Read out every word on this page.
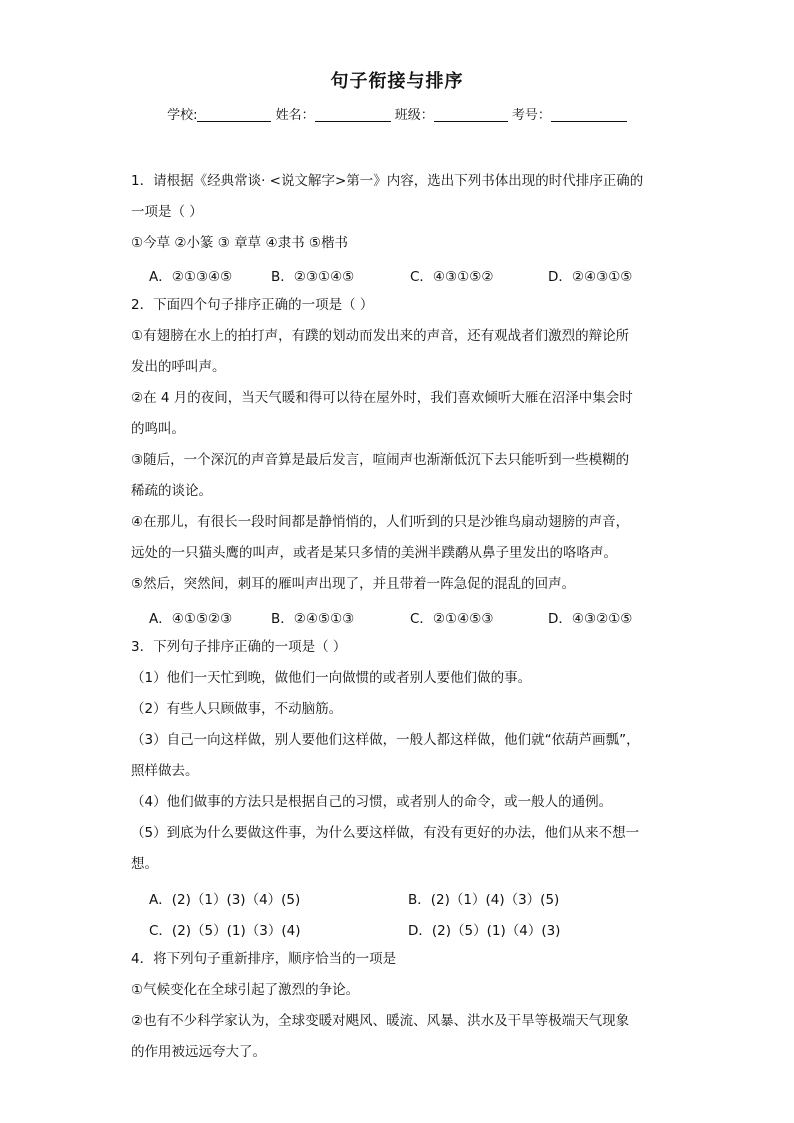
句子衔接与排序
学校:	姓名：	班级：	考号：
1．请根据《经典常谈· <说文解字>第一》内容，选出下列书体出现的时代排序正确的
一项是（ ）
①今草 ②小篆 ③ 章草 ④隶书 ⑤楷书
A．②①③④⑤	B．②③①④⑤	C．④③①⑤②	D．②④③①⑤
2．下面四个句子排序正确的一项是（ ）
①有翅膀在水上的拍打声，有蹼的划动而发出来的声音，还有观战者们激烈的辩论所
发出的呼叫声。
②在 4 月的夜间，当天气暖和得可以待在屋外时，我们喜欢倾听大雁在沼泽中集会时
的鸣叫。
③随后，一个深沉的声音算是最后发言，喧闹声也渐渐低沉下去只能听到一些模糊的
稀疏的谈论。
④在那儿，有很长一段时间都是静悄悄的，人们听到的只是沙锥鸟扇动翅膀的声音，
远处的一只猫头鹰的叫声，或者是某只多情的美洲半蹼鹬从鼻子里发出的咯咯声。
⑤然后，突然间，刺耳的雁叫声出现了，并且带着一阵急促的混乱的回声。
A．④①⑤②③	B．②④⑤①③	C．②①④⑤③	D．④③②①⑤
3．下列句子排序正确的一项是（ ）
（1）他们一天忙到晚，做他们一向做惯的或者别人要他们做的事。
（2）有些人只顾做事，不动脑筋。
（3）自己一向这样做，别人要他们这样做，一般人都这样做，他们就“依葫芦画瓢”，
照样做去。
（4）他们做事的方法只是根据自己的习惯，或者别人的命令，或一般人的通例。
（5）到底为什么要做这件事，为什么要这样做，有没有更好的办法，他们从来不想一
想。
A．(2)（1）(3)（4）(5)	B．(2)（1）(4)（3）(5)
C．(2)（5）(1)（3）(4)	D．(2)（5）(1)（4）(3)
4．将下列句子重新排序，顺序恰当的一项是
①气候变化在全球引起了激烈的争论。
②也有不少科学家认为，全球变暖对飓风、暖流、风暴、洪水及干旱等极端天气现象
的作用被远远夸大了。
